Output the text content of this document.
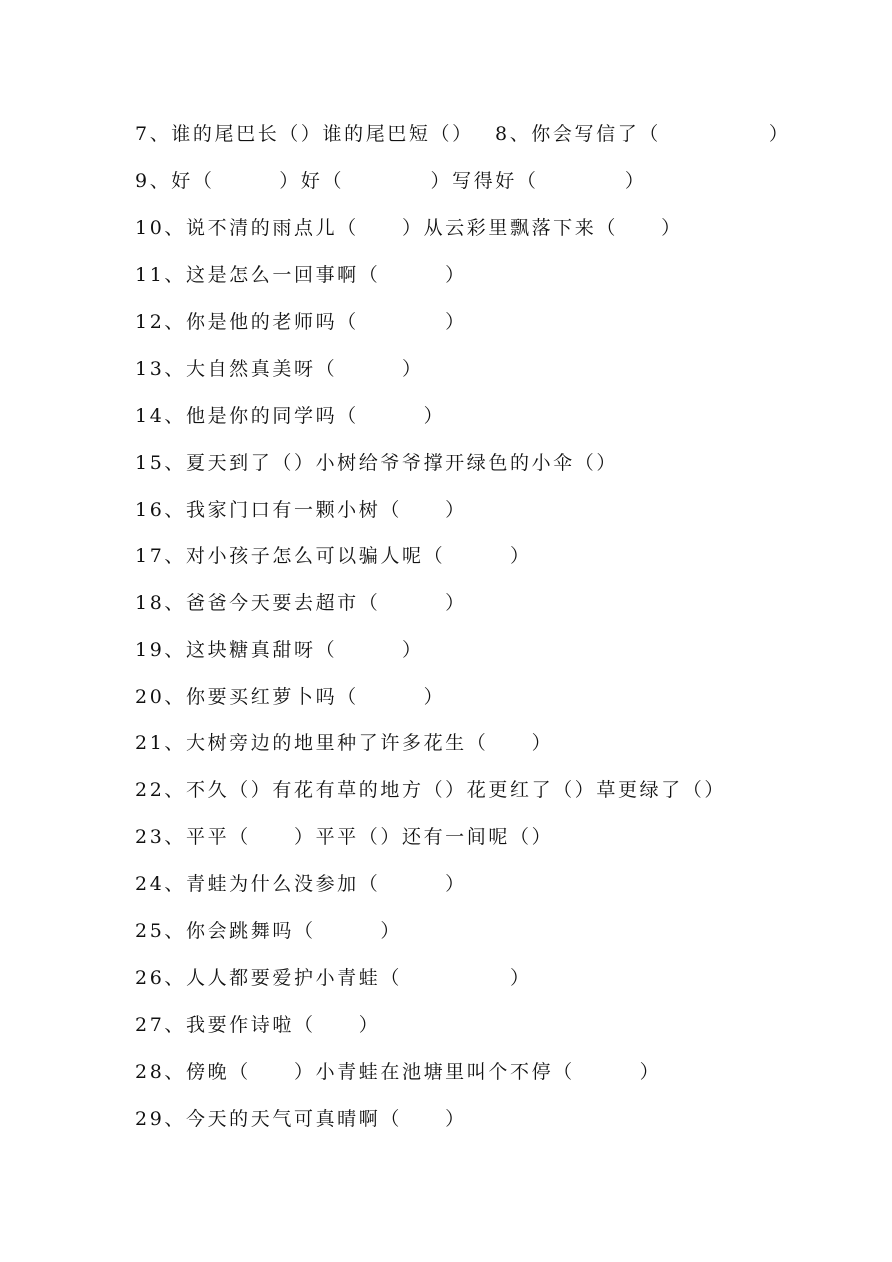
7、谁的尾巴长（）谁的尾巴短（） 8、你会写信了（　　　　　）
9、好（　　　）好（　　　　）写得好（　　　　）
10、说不清的雨点儿（　　）从云彩里飘落下来（　　）
11、这是怎么一回事啊（　　　）
12、你是他的老师吗（　　　　）
13、大自然真美呀（　　　）
14、他是你的同学吗（　　　）
15、夏天到了（）小树给爷爷撑开绿色的小伞（）
16、我家门口有一颗小树（　　）
17、对小孩子怎么可以骗人呢（　　　）
18、爸爸今天要去超市（　　　）
19、这块糖真甜呀（　　　）
20、你要买红萝卜吗（　　　）
21、大树旁边的地里种了许多花生（　　）
22、不久（）有花有草的地方（）花更红了（）草更绿了（）
23、平平（　　）平平（）还有一间呢（）
24、青蛙为什么没参加（　　　）
25、你会跳舞吗（　　　）
26、人人都要爱护小青蛙（　　　　　）
27、我要作诗啦（　　）
28、傍晚（　　）小青蛙在池塘里叫个不停（　　　）
29、今天的天气可真晴啊（　　）
